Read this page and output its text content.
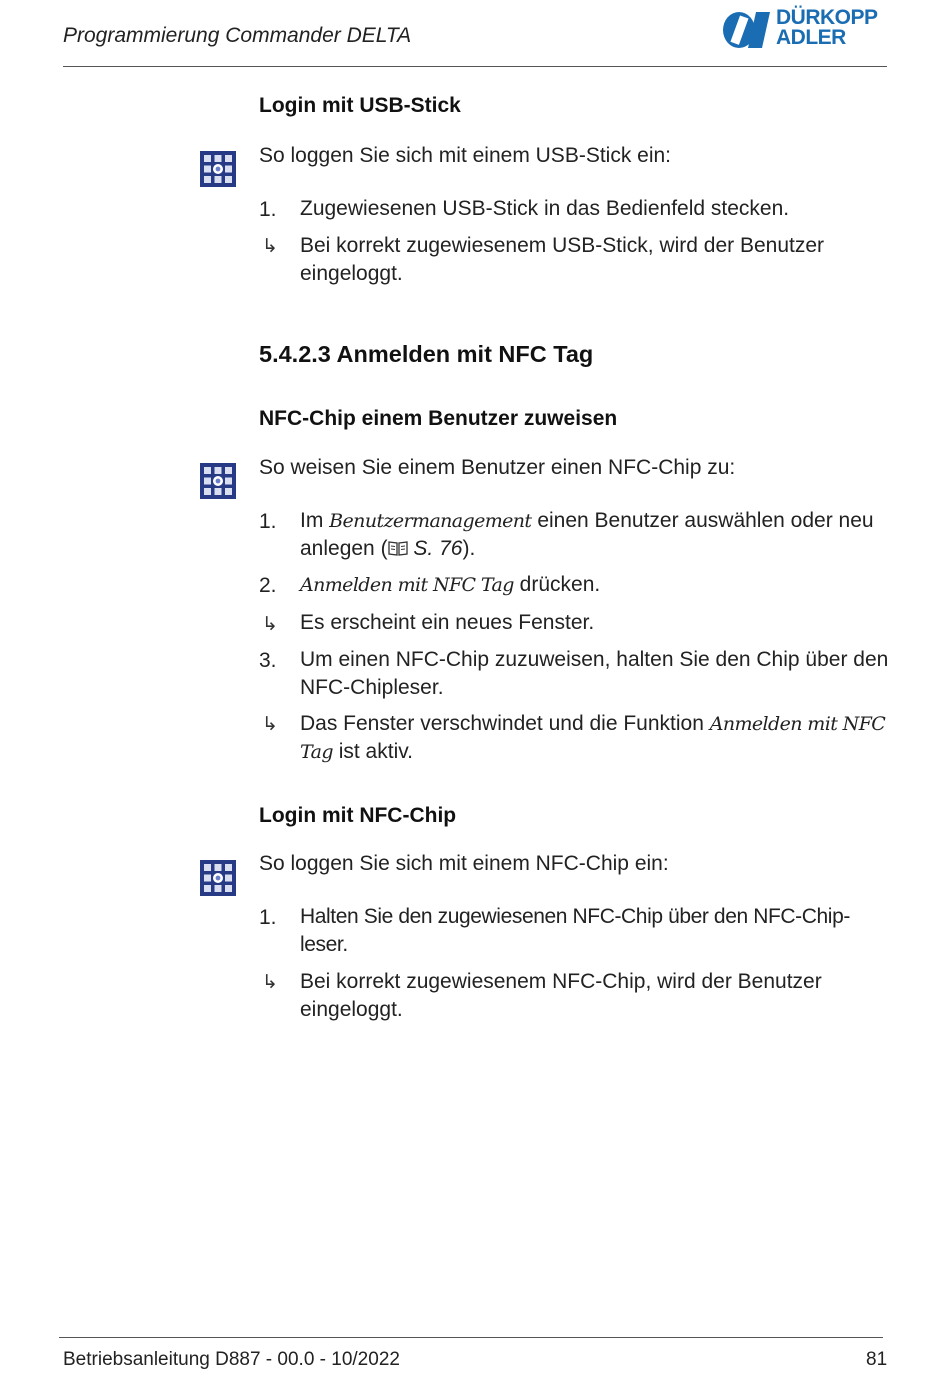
Programmierung Commander DELTA
DÜRKOPP
ADLER
Login mit USB-Stick
So loggen Sie sich mit einem USB-Stick ein:
1. Zugewiesenen USB-Stick in das Bedienfeld stecken.
↳ Bei korrekt zugewiesenem USB-Stick, wird der Benutzer eingeloggt.
5.4.2.3 Anmelden mit NFC Tag
NFC-Chip einem Benutzer zuweisen
So weisen Sie einem Benutzer einen NFC-Chip zu:
1. Im Benutzermanagement einen Benutzer auswählen oder neu anlegen ( S. 76).
2. Anmelden mit NFC Tag drücken.
↳ Es erscheint ein neues Fenster.
3. Um einen NFC-Chip zuzuweisen, halten Sie den Chip über den NFC-Chipleser.
↳ Das Fenster verschwindet und die Funktion Anmelden mit NFC Tag ist aktiv.
Login mit NFC-Chip
So loggen Sie sich mit einem NFC-Chip ein:
1. Halten Sie den zugewiesenen NFC-Chip über den NFC-Chip-
leser.
↳ Bei korrekt zugewiesenem NFC-Chip, wird der Benutzer eingeloggt.
Betriebsanleitung D887 - 00.0 - 10/2022	81
